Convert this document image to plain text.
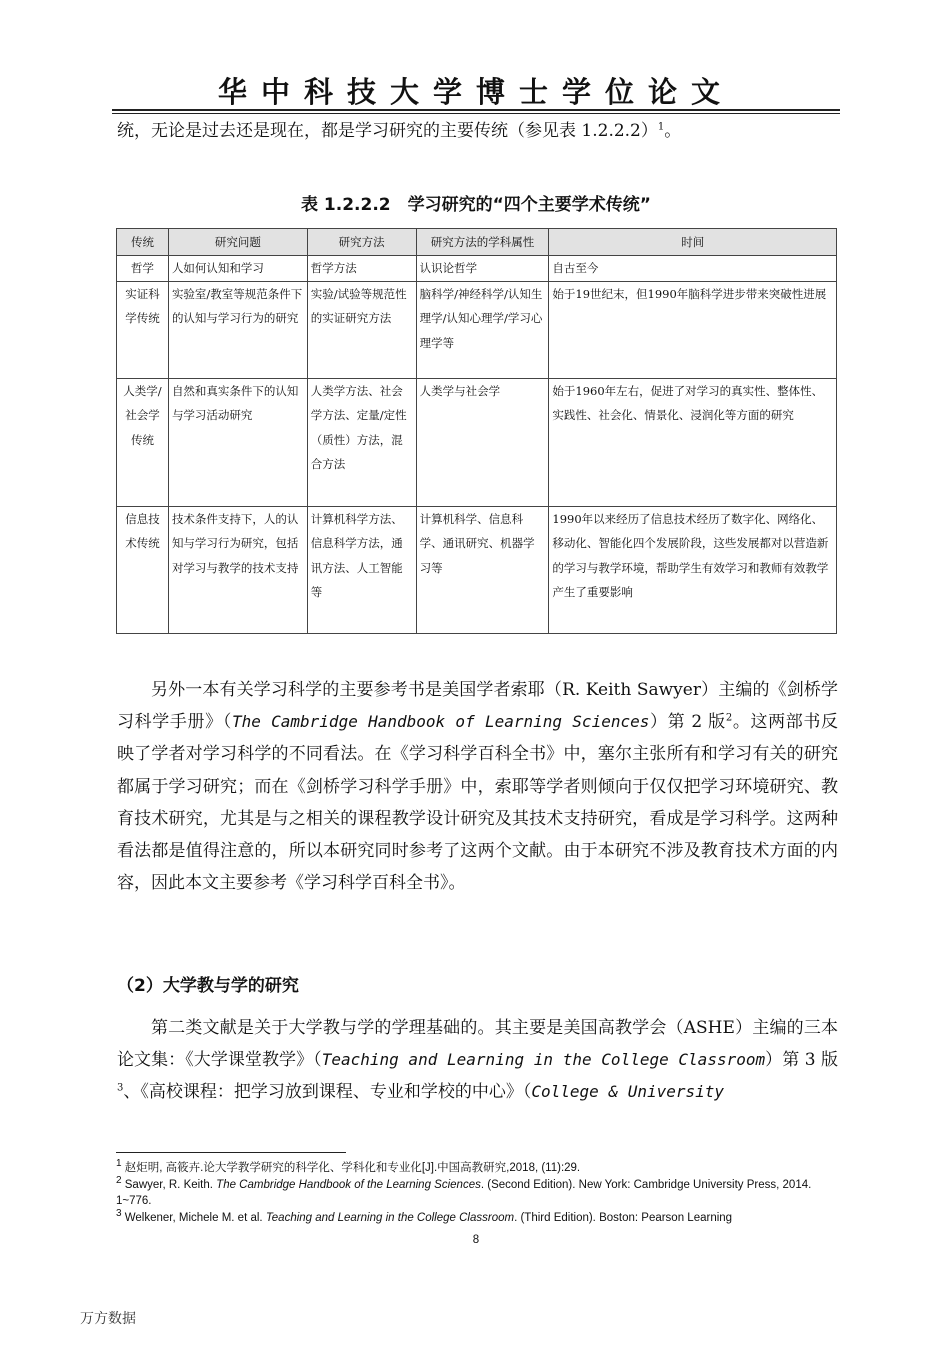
华中科技大学博士学位论文
统，无论是过去还是现在，都是学习研究的主要传统（参见表 1.2.2.2）$^1$。
表 1.2.2.2　学习研究的“四个主要学术传统”
传统	研究问题	研究方法	研究方法的学科属性	时间
哲学	人如何认知和学习	哲学方法	认识论哲学	自古至今
实证科学传统	实验室/教室等规范条件下的认知与学习行为的研究	实验/试验等规范性的实证研究方法	脑科学/神经科学/认知生理学/认知心理学/学习心理学等	始于19世纪末，但1990年脑科学进步带来突破性进展
人类学/社会学传统	自然和真实条件下的认知与学习活动研究	人类学方法、社会学方法、定量/定性（质性）方法，混合方法	人类学与社会学	始于1960年左右，促进了对学习的真实性、整体性、实践性、社会化、情景化、浸润化等方面的研究
信息技术传统	技术条件支持下，人的认知与学习行为研究，包括对学习与教学的技术支持	计算机科学方法、信息科学方法，通讯方法、人工智能等	计算机科学、信息科学、通讯研究、机器学习等	1990年以来经历了信息技术经历了数字化、网络化、移动化、智能化四个发展阶段，这些发展都对以营造新的学习与教学环境，帮助学生有效学习和教师有效教学产生了重要影响

另外一本有关学习科学的主要参考书是美国学者索耶（R. Keith Sawyer）主编的《剑桥学习科学手册》（The Cambridge Handbook of Learning Sciences）第 2 版$^2$。这两部书反映了学者对学习科学的不同看法。在《学习科学百科全书》中，塞尔主张所有和学习有关的研究都属于学习研究；而在《剑桥学习科学手册》中，索耶等学者则倾向于仅仅把学习环境研究、教育技术研究，尤其是与之相关的课程教学设计研究及其技术支持研究，看成是学习科学。这两种看法都是值得注意的，所以本研究同时参考了这两个文献。由于本研究不涉及教育技术方面的内容，因此本文主要参考《学习科学百科全书》。

（2）大学教与学的研究

第二类文献是关于大学教与学的学理基础的。其主要是美国高教学会（ASHE）主编的三本论文集：《大学课堂教学》（Teaching and Learning in the College Classroom）第 3 版$^3$、《高校课程：把学习放到课程、专业和学校的中心》（College & University

$^1$ 赵炬明, 高筱卉.论大学教学研究的科学化、学科化和专业化[J].中国高教研究,2018, (11):29.
$^2$ Sawyer, R. Keith. The Cambridge Handbook of the Learning Sciences. (Second Edition). New York: Cambridge University Press, 2014. 1~776.
$^3$ Welkener, Michele M. et al. Teaching and Learning in the College Classroom. (Third Edition). Boston: Pearson Learning
8
万方数据
